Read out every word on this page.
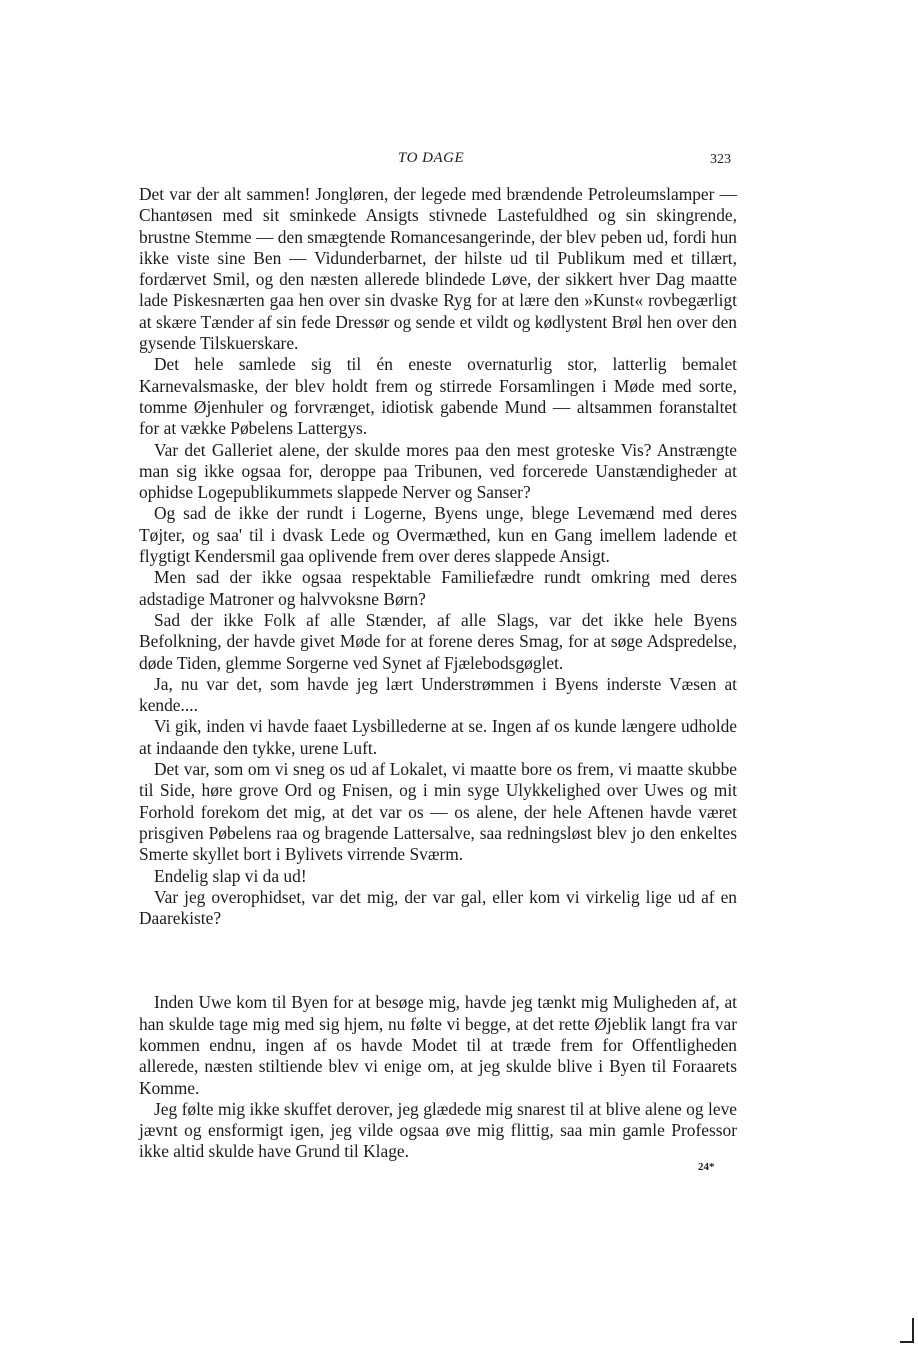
TO DAGE	323

Det var der alt sammen! Jongløren, der legede med brændende Petroleumslamper — Chantøsen med sit sminkede Ansigts stivnede Lastefuldhed og sin skingrende, brustne Stemme — den smægtende Romancesangerinde, der blev peben ud, fordi hun ikke viste sine Ben — Vidunderbarnet, der hilste ud til Publikum med et tillært, fordærvet Smil, og den næsten allerede blindede Løve, der sikkert hver Dag maatte lade Piskesnærten gaa hen over sin dvaske Ryg for at lære den »Kunst« rovbegærligt at skære Tænder af sin fede Dressør og sende et vildt og kødlystent Brøl hen over den gysende Tilskuerskare.

Det hele samlede sig til én eneste overnaturlig stor, latterlig bemalet Karnevalsmaske, der blev holdt frem og stirrede Forsamlingen i Møde med sorte, tomme Øjenhuler og forvrænget, idiotisk gabende Mund — altsammen foranstaltet for at vække Pøbelens Lattergys.

Var det Galleriet alene, der skulde mores paa den mest groteske Vis? Anstrængte man sig ikke ogsaa for, deroppe paa Tribunen, ved forcerede Uanstændigheder at ophidse Logepublikummets slappede Nerver og Sanser?

Og sad de ikke der rundt i Logerne, Byens unge, blege Levemænd med deres Tøjter, og saa' til i dvask Lede og Overmæthed, kun en Gang imellem ladende et flygtigt Kendersmil gaa oplivende frem over deres slappede Ansigt.

Men sad der ikke ogsaa respektable Familiefædre rundt omkring med deres adstadige Matroner og halvvoksne Børn?

Sad der ikke Folk af alle Stænder, af alle Slags, var det ikke hele Byens Befolkning, der havde givet Møde for at forene deres Smag, for at søge Adspredelse, døde Tiden, glemme Sorgerne ved Synet af Fjælebodsgøglet.

Ja, nu var det, som havde jeg lært Understrømmen i Byens inderste Væsen at kende....

Vi gik, inden vi havde faaet Lysbillederne at se. Ingen af os kunde længere udholde at indaande den tykke, urene Luft.

Det var, som om vi sneg os ud af Lokalet, vi maatte bore os frem, vi maatte skubbe til Side, høre grove Ord og Fnisen, og i min syge Ulykkelighed over Uwes og mit Forhold forekom det mig, at det var os — os alene, der hele Aftenen havde været prisgiven Pøbelens raa og bragende Lattersalve, saa redningsløst blev jo den enkeltes Smerte skyllet bort i Bylivets virrende Sværm.

Endelig slap vi da ud!

Var jeg overophidset, var det mig, der var gal, eller kom vi virkelig lige ud af en Daarekiste?

Inden Uwe kom til Byen for at besøge mig, havde jeg tænkt mig Muligheden af, at han skulde tage mig med sig hjem, nu følte vi begge, at det rette Øjeblik langt fra var kommen endnu, ingen af os havde Modet til at træde frem for Offentligheden allerede, næsten stiltiende blev vi enige om, at jeg skulde blive i Byen til Foraarets Komme.

Jeg følte mig ikke skuffet derover, jeg glædede mig snarest til at blive alene og leve jævnt og ensformigt igen, jeg vilde ogsaa øve mig flittig, saa min gamle Professor ikke altid skulde have Grund til Klage.

24*
